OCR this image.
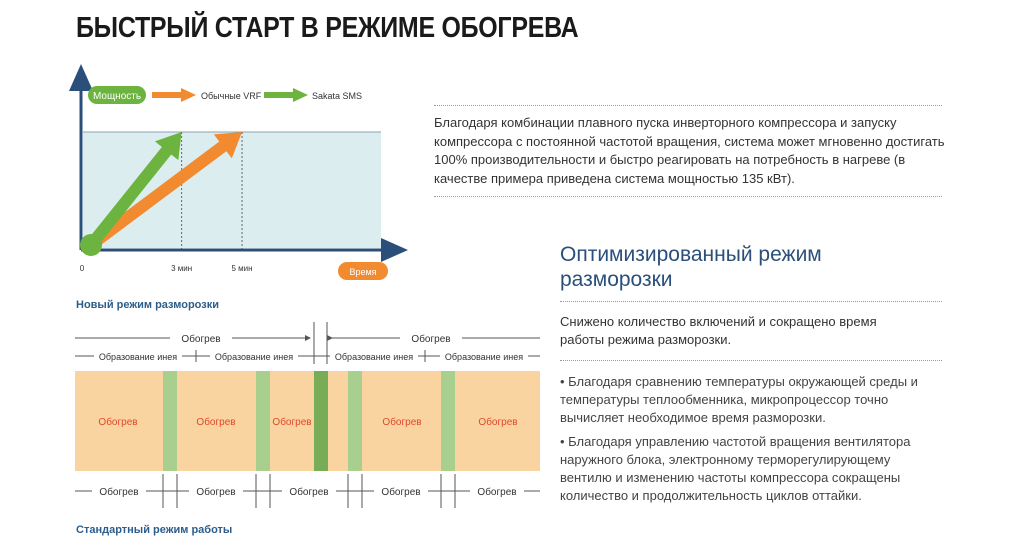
БЫСТРЫЙ СТАРТ В РЕЖИМЕ ОБОГРЕВА
Мощность	Обычные VRF	Sakata SMS
0	3 мин	5 мин	Время
Благодаря комбинации плавного пуска инверторного компрессора и запуску компрессора с постоянной частотой вращения, система может мгновенно достигать 100% производительности и быстро реагировать на потребность в нагреве (в качестве примера приведена система мощностью 135 кВт).
Новый режим разморозки
Обогрев	Обогрев
Образование инея	Образование инея	Образование инея	Образование инея
Обогрев	Обогрев	Обогрев	Обогрев	Обогрев
Обогрев	Обогрев	Обогрев	Обогрев	Обогрев
Стандартный режим работы
Оптимизированный режим
разморозки
Снижено количество включений и сокращено время работы режима разморозки.
• Благодаря сравнению температуры окружающей среды и температуры теплообменника, микропроцессор точно вычисляет необходимое время разморозки.
• Благодаря управлению частотой вращения вентилятора наружного блока, электронному терморегулирующему вентилю и изменению частоты компрессора сокращены количество и продолжительность циклов оттайки.
